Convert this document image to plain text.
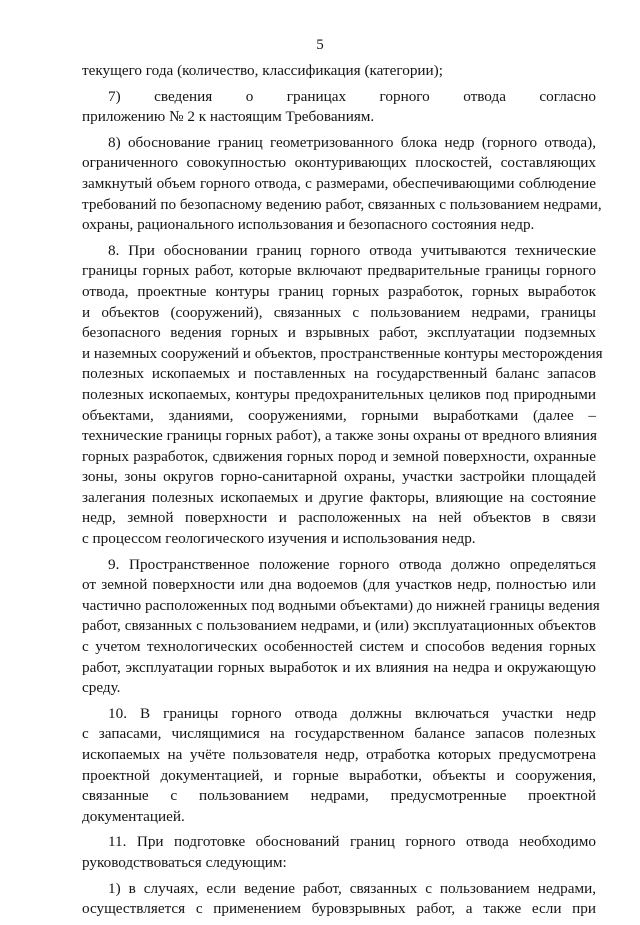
5

текущего года (количество, классификация (категории);

7) сведения о границах горного отвода согласно
приложению № 2 к настоящим Требованиям.

8) обоснование границ геометризованного блока недр (горного отвода),
ограниченного совокупностью оконтуривающих плоскостей, составляющих
замкнутый объем горного отвода, с размерами, обеспечивающими соблюдение
требований по безопасному ведению работ, связанных с пользованием недрами,
охраны, рационального использования и безопасного состояния недр.

8. При обосновании границ горного отвода учитываются технические
границы горных работ, которые включают предварительные границы горного
отвода, проектные контуры границ горных разработок, горных выработок
и объектов (сооружений), связанных с пользованием недрами, границы
безопасного ведения горных и взрывных работ, эксплуатации подземных
и наземных сооружений и объектов, пространственные контуры месторождения
полезных ископаемых и поставленных на государственный баланс запасов
полезных ископаемых, контуры предохранительных целиков под природными
объектами, зданиями, сооружениями, горными выработками (далее –
технические границы горных работ), а также зоны охраны от вредного влияния
горных разработок, сдвижения горных пород и земной поверхности, охранные
зоны, зоны округов горно-санитарной охраны, участки застройки площадей
залегания полезных ископаемых и другие факторы, влияющие на состояние
недр, земной поверхности и расположенных на ней объектов в связи
с процессом геологического изучения и использования недр.

9. Пространственное положение горного отвода должно определяться
от земной поверхности или дна водоемов (для участков недр, полностью или
частично расположенных под водными объектами) до нижней границы ведения
работ, связанных с пользованием недрами, и (или) эксплуатационных объектов
с учетом технологических особенностей систем и способов ведения горных
работ, эксплуатации горных выработок и их влияния на недра и окружающую
среду.

10. В границы горного отвода должны включаться участки недр
с запасами, числящимися на государственном балансе запасов полезных
ископаемых на учёте пользователя недр, отработка которых предусмотрена
проектной документацией, и горные выработки, объекты и сооружения,
связанные с пользованием недрами, предусмотренные проектной
документацией.

11. При подготовке обоснований границ горного отвода необходимо
руководствоваться следующим:

1) в случаях, если ведение работ, связанных с пользованием недрами,
осуществляется с применением буровзрывных работ, а также если при
